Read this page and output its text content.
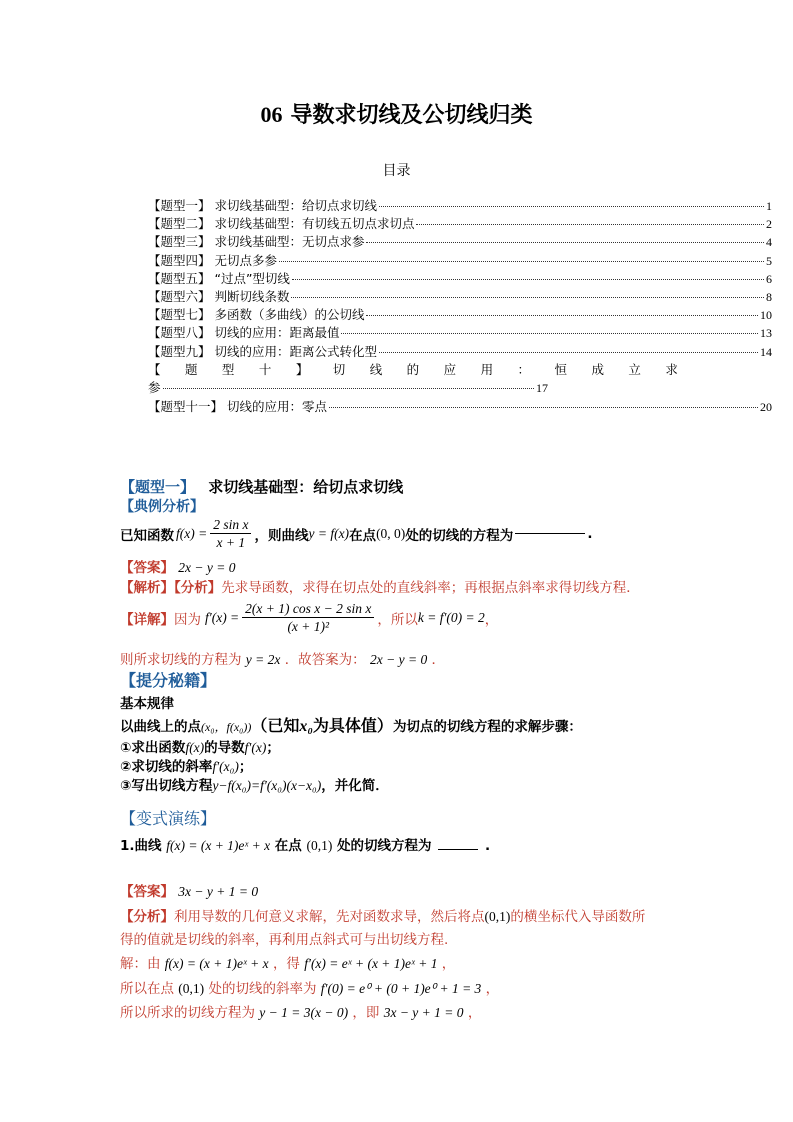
06 导数求切线及公切线归类
目录
【题型一】 求切线基础型：给切点求切线	1
【题型二】 求切线基础型：有切线五切点求切点	2
【题型三】 求切线基础型：无切点求参	4
【题型四】 无切点多参	5
【题型五】 “过点”型切线	6
【题型六】 判断切线条数	8
【题型七】 多函数（多曲线）的公切线	10
【题型八】 切线的应用：距离最值	13
【题型九】 切线的应用：距离公式转化型	14
【 题 型 十 】 切 线 的 应 用 ： 恒 成 立 求
参	17
【题型十一】 切线的应用：零点	20
【题型一】 求切线基础型：给切点求切线
【典例分析】
已知函数 $f(x) = \frac{\text{2 sin x}}{x + 1}$ ，则曲线 y = f(x) 在点 (0, 0) 处的切线的方程为	.
【答案】 2x − y = 0
【解析】【分析】先求导函数，求得在切点处的直线斜率；再根据点斜率求得切线方程．
【详解】 因为 $f'(x) = \frac{\text{2(x + 1) cos x − 2 sin x}}{\text{(x + 1)²}}$ ，所以 k = f′(0) = 2 ，
则所求切线的方程为 y = 2x ．故答案为： 2x − y = 0 ．
【提分秘籍】
基本规律
以曲线上的点(x₀，f(x₀))（已知x₀为具体值）为切点的切线方程的求解步骤：
①求出函数f(x)的导数f′(x)；
②求切线的斜率f′(x₀)；
③写出切线方程y−f(x₀)=f′(x₀)(x−x₀)，并化简．
【变式演练】
1.曲线 f(x) = (x + 1)eˣ + x 在点 (0,1) 处的切线方程为	.
【答案】 3x − y + 1 = 0
【分析】利用导数的几何意义求解，先对函数求导，然后将点(0,1)的横坐标代入导函数所
得的值就是切线的斜率，再利用点斜式可与出切线方程.
解：由 f(x) = (x + 1)eˣ + x ，得 f′(x) = eˣ + (x + 1)eˣ + 1 ，
所以在点 (0,1) 处的切线的斜率为 f′(0) = e⁰ + (0 + 1)e⁰ + 1 = 3 ，
所以所求的切线方程为 y − 1 = 3(x − 0) ，即 3x − y + 1 = 0 ，
